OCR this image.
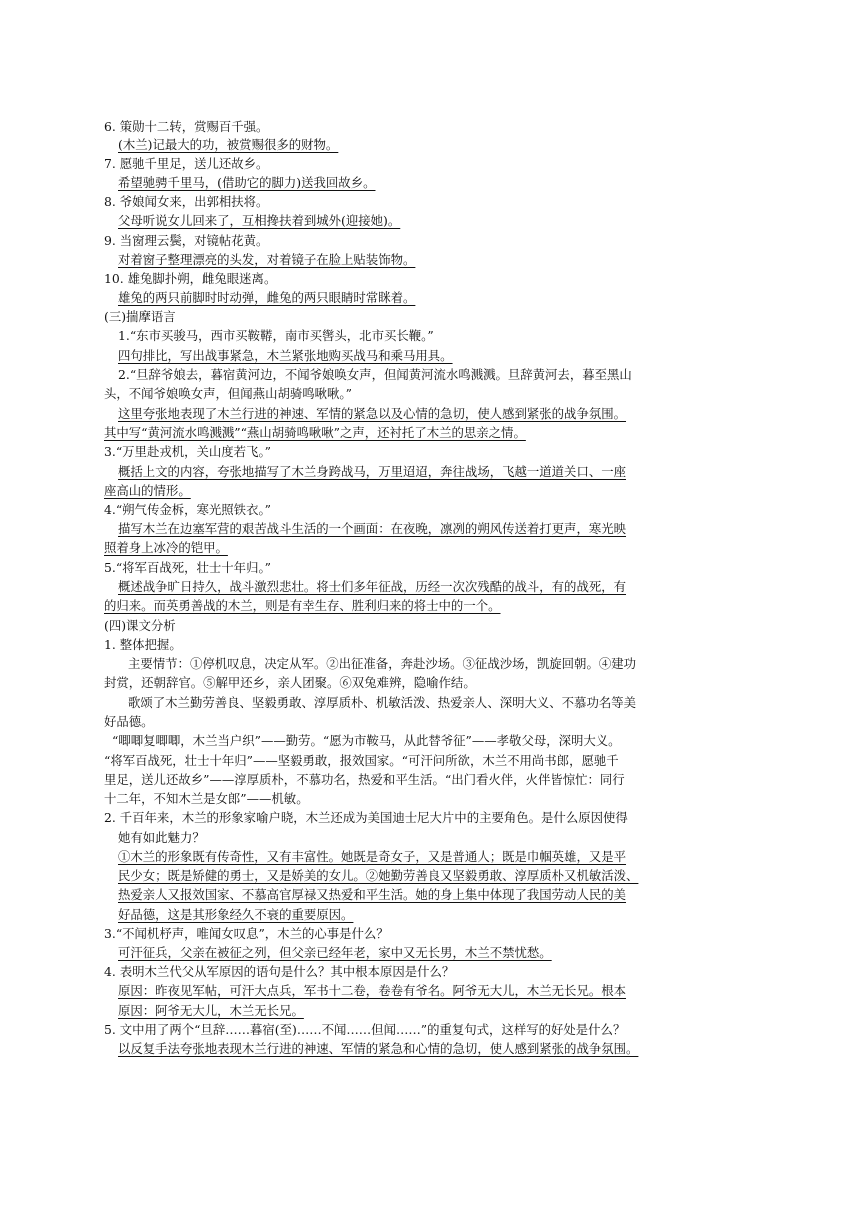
6. 策勋十二转，赏赐百千强。
(木兰)记最大的功，被赏赐很多的财物。
7. 愿驰千里足，送儿还故乡。
希望驰骋千里马，(借助它的脚力)送我回故乡。
8. 爷娘闻女来，出郭相扶将。
父母听说女儿回来了，互相搀扶着到城外(迎接她)。
9. 当窗理云鬓，对镜帖花黄。
对着窗子整理漂亮的头发，对着镜子在脸上贴装饰物。
10. 雄兔脚扑朔，雌兔眼迷离。
雄兔的两只前脚时时动弹，雌兔的两只眼睛时常眯着。
(三)揣摩语言
1.“东市买骏马，西市买鞍鞯，南市买辔头，北市买长鞭。”
四句排比，写出战事紧急，木兰紧张地购买战马和乘马用具。
2.“旦辞爷娘去，暮宿黄河边，不闻爷娘唤女声，但闻黄河流水鸣溅溅。旦辞黄河去，暮至黑山
头，不闻爷娘唤女声，但闻燕山胡骑鸣啾啾。”
这里夸张地表现了木兰行进的神速、军情的紧急以及心情的急切，使人感到紧张的战争氛围。
其中写“黄河流水鸣溅溅”“燕山胡骑鸣啾啾”之声，还衬托了木兰的思亲之情。
3.“万里赴戎机，关山度若飞。”
概括上文的内容，夸张地描写了木兰身跨战马，万里迢迢，奔往战场，飞越一道道关口、一座
座高山的情形。
4.“朔气传金柝，寒光照铁衣。”
描写木兰在边塞军营的艰苦战斗生活的一个画面：在夜晚，凛冽的朔风传送着打更声，寒光映
照着身上冰冷的铠甲。
5.“将军百战死，壮士十年归。”
概述战争旷日持久，战斗激烈悲壮。将士们多年征战，历经一次次残酷的战斗，有的战死，有
的归来。而英勇善战的木兰，则是有幸生存、胜利归来的将士中的一个。
(四)课文分析
1. 整体把握。
主要情节：①停机叹息，决定从军。②出征准备，奔赴沙场。③征战沙场，凯旋回朝。④建功
封赏，还朝辞官。⑤解甲还乡，亲人团聚。⑥双兔难辨，隐喻作结。
歌颂了木兰勤劳善良、坚毅勇敢、淳厚质朴、机敏活泼、热爱亲人、深明大义、不慕功名等美
好品德。
“唧唧复唧唧，木兰当户织”——勤劳。“愿为市鞍马，从此替爷征”——孝敬父母，深明大义。
“将军百战死，壮士十年归”——坚毅勇敢，报效国家。“可汗问所欲，木兰不用尚书郎，愿驰千
里足，送儿还故乡”——淳厚质朴，不慕功名，热爱和平生活。“出门看火伴，火伴皆惊忙：同行
十二年，不知木兰是女郎”——机敏。
2. 千百年来，木兰的形象家喻户晓，木兰还成为美国迪士尼大片中的主要角色。是什么原因使得
她有如此魅力？
①木兰的形象既有传奇性，又有丰富性。她既是奇女子，又是普通人；既是巾帼英雄，又是平
民少女；既是矫健的勇士，又是娇美的女儿。②她勤劳善良又坚毅勇敢、淳厚质朴又机敏活泼、
热爱亲人又报效国家、不慕高官厚禄又热爱和平生活。她的身上集中体现了我国劳动人民的美
好品德，这是其形象经久不衰的重要原因。
3.“不闻机杼声，唯闻女叹息”，木兰的心事是什么？
可汗征兵，父亲在被征之列，但父亲已经年老，家中又无长男，木兰不禁忧愁。
4. 表明木兰代父从军原因的语句是什么？其中根本原因是什么？
原因：昨夜见军帖，可汗大点兵，军书十二卷，卷卷有爷名。阿爷无大儿，木兰无长兄。根本
原因：阿爷无大儿，木兰无长兄。
5. 文中用了两个“旦辞……暮宿(至)……不闻……但闻……”的重复句式，这样写的好处是什么？
以反复手法夸张地表现木兰行进的神速、军情的紧急和心情的急切，使人感到紧张的战争氛围。
